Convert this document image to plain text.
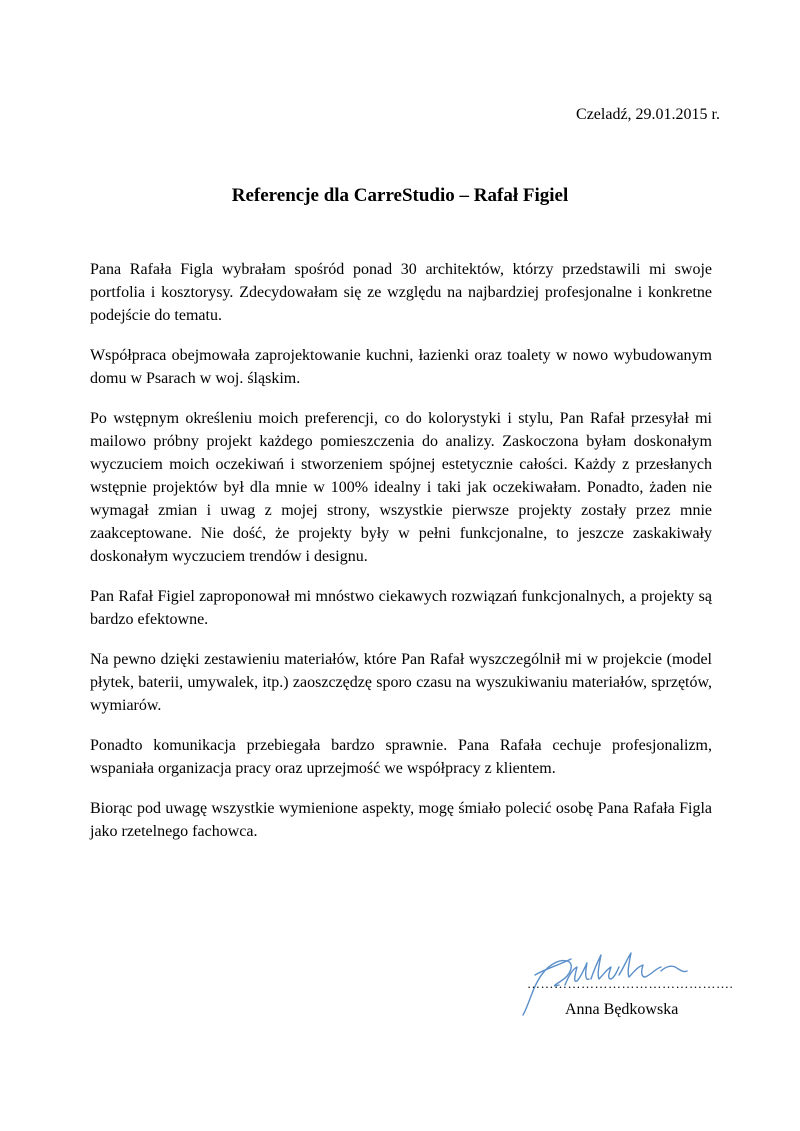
Czeladź, 29.01.2015 r.
Referencje dla CarreStudio – Rafał Figiel

Pana Rafała Figla wybrałam spośród ponad 30 architektów, którzy przedstawili mi swoje portfolia i kosztorysy. Zdecydowałam się ze względu na najbardziej profesjonalne i konkretne podejście do tematu.

Współpraca obejmowała zaprojektowanie kuchni, łazienki oraz toalety w nowo wybudowanym domu w Psarach w woj. śląskim.

Po wstępnym określeniu moich preferencji, co do kolorystyki i stylu, Pan Rafał przesyłał mi mailowo próbny projekt każdego pomieszczenia do analizy. Zaskoczona byłam doskonałym wyczuciem moich oczekiwań i stworzeniem spójnej estetycznie całości. Każdy z przesłanych wstępnie projektów był dla mnie w 100% idealny i taki jak oczekiwałam. Ponadto, żaden nie wymagał zmian i uwag z mojej strony, wszystkie pierwsze projekty zostały przez mnie zaakceptowane. Nie dość, że projekty były w pełni funkcjonalne, to jeszcze zaskakiwały doskonałym wyczuciem trendów i designu.

Pan Rafał Figiel zaproponował mi mnóstwo ciekawych rozwiązań funkcjonalnych, a projekty są bardzo efektowne.

Na pewno dzięki zestawieniu materiałów, które Pan Rafał wyszczególnił mi w projekcie (model płytek, baterii, umywalek, itp.) zaoszczędzę sporo czasu na wyszukiwaniu materiałów, sprzętów, wymiarów.

Ponadto komunikacja przebiegała bardzo sprawnie. Pana Rafała cechuje profesjonalizm, wspaniała organizacja pracy oraz uprzejmość we współpracy z klientem.

Biorąc pod uwagę wszystkie wymienione aspekty, mogę śmiało polecić osobę Pana Rafała Figla jako rzetelnego fachowca.

……………………………………….
Anna Będkowska
